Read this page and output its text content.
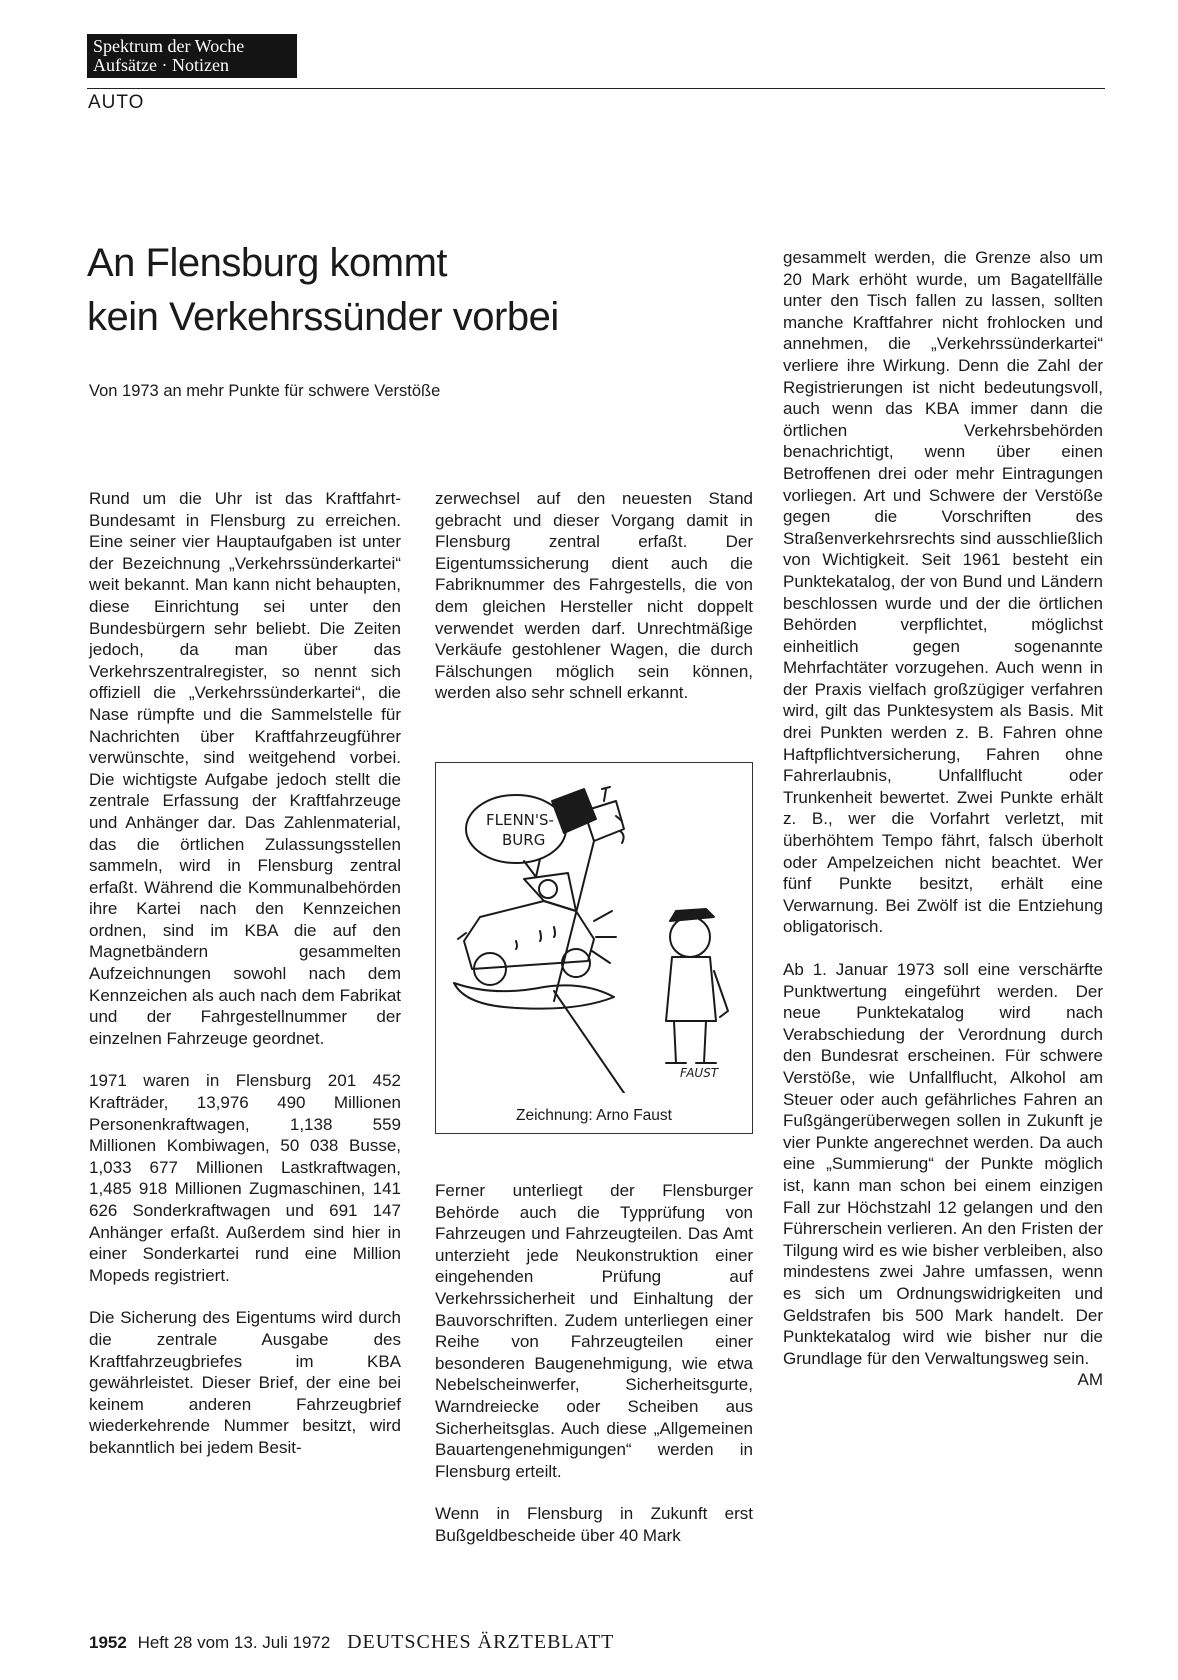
Spektrum der Woche
Aufsätze · Notizen
AUTO
An Flensburg kommt
kein Verkehrssünder vorbei
Von 1973 an mehr Punkte für schwere Verstöße

Rund um die Uhr ist das Kraftfahrt-Bundesamt in Flensburg zu erreichen. Eine seiner vier Hauptaufgaben ist unter der Bezeichnung „Verkehrssünderkartei“ weit bekannt. Man kann nicht behaupten, diese Einrichtung sei unter den Bundesbürgern sehr beliebt. Die Zeiten jedoch, da man über das Verkehrszentralregister, so nennt sich offiziell die „Verkehrssünderkartei“, die Nase rümpfte und die Sammelstelle für Nachrichten über Kraftfahrzeugführer verwünschte, sind weitgehend vorbei. Die wichtigste Aufgabe jedoch stellt die zentrale Erfassung der Kraftfahrzeuge und Anhänger dar. Das Zahlenmaterial, das die örtlichen Zulassungsstellen sammeln, wird in Flensburg zentral erfaßt. Während die Kommunalbehörden ihre Kartei nach den Kennzeichen ordnen, sind im KBA die auf den Magnetbändern gesammelten Aufzeichnungen sowohl nach dem Kennzeichen als auch nach dem Fabrikat und der Fahrgestellnummer der einzelnen Fahrzeuge geordnet.

1971 waren in Flensburg 201 452 Krafträder, 13,976 490 Millionen Personenkraftwagen, 1,138 559 Millionen Kombiwagen, 50 038 Busse, 1,033 677 Millionen Lastkraftwagen, 1,485 918 Millionen Zugmaschinen, 141 626 Sonderkraftwagen und 691 147 Anhänger erfaßt. Außerdem sind hier in einer Sonderkartei rund eine Million Mopeds registriert.

Die Sicherung des Eigentums wird durch die zentrale Ausgabe des Kraftfahrzeugbriefes im KBA gewährleistet. Dieser Brief, der eine bei keinem anderen Fahrzeugbrief wiederkehrende Nummer besitzt, wird bekanntlich bei jedem Besit-

zerwechsel auf den neuesten Stand gebracht und dieser Vorgang damit in Flensburg zentral erfaßt. Der Eigentumssicherung dient auch die Fabriknummer des Fahrgestells, die von dem gleichen Hersteller nicht doppelt verwendet werden darf. Unrechtmäßige Verkäufe gestohlener Wagen, die durch Fälschungen möglich sein können, werden also sehr schnell erkannt.

FLENN'S-
BURG
FAUST
Zeichnung: Arno Faust

Ferner unterliegt der Flensburger Behörde auch die Typprüfung von Fahrzeugen und Fahrzeugteilen. Das Amt unterzieht jede Neukonstruktion einer eingehenden Prüfung auf Verkehrssicherheit und Einhaltung der Bauvorschriften. Zudem unterliegen einer Reihe von Fahrzeugteilen einer besonderen Baugenehmigung, wie etwa Nebelscheinwerfer, Sicherheitsgurte, Warndreiecke oder Scheiben aus Sicherheitsglas. Auch diese „Allgemeinen Bauartengenehmigungen“ werden in Flensburg erteilt.

Wenn in Flensburg in Zukunft erst Bußgeldbescheide über 40 Mark

gesammelt werden, die Grenze also um 20 Mark erhöht wurde, um Bagatellfälle unter den Tisch fallen zu lassen, sollten manche Kraftfahrer nicht frohlocken und annehmen, die „Verkehrssünderkartei“ verliere ihre Wirkung. Denn die Zahl der Registrierungen ist nicht bedeutungsvoll, auch wenn das KBA immer dann die örtlichen Verkehrsbehörden benachrichtigt, wenn über einen Betroffenen drei oder mehr Eintragungen vorliegen. Art und Schwere der Verstöße gegen die Vorschriften des Straßenverkehrsrechts sind ausschließlich von Wichtigkeit. Seit 1961 besteht ein Punktekatalog, der von Bund und Ländern beschlossen wurde und der die örtlichen Behörden verpflichtet, möglichst einheitlich gegen sogenannte Mehrfachtäter vorzugehen. Auch wenn in der Praxis vielfach großzügiger verfahren wird, gilt das Punktesystem als Basis. Mit drei Punkten werden z. B. Fahren ohne Haftpflichtversicherung, Fahren ohne Fahrerlaubnis, Unfallflucht oder Trunkenheit bewertet. Zwei Punkte erhält z. B., wer die Vorfahrt verletzt, mit überhöhtem Tempo fährt, falsch überholt oder Ampelzeichen nicht beachtet. Wer fünf Punkte besitzt, erhält eine Verwarnung. Bei Zwölf ist die Entziehung obligatorisch.

Ab 1. Januar 1973 soll eine verschärfte Punktwertung eingeführt werden. Der neue Punktekatalog wird nach Verabschiedung der Verordnung durch den Bundesrat erscheinen. Für schwere Verstöße, wie Unfallflucht, Alkohol am Steuer oder auch gefährliches Fahren an Fußgängerüberwegen sollen in Zukunft je vier Punkte angerechnet werden. Da auch eine „Summierung“ der Punkte möglich ist, kann man schon bei einem einzigen Fall zur Höchstzahl 12 gelangen und den Führerschein verlieren. An den Fristen der Tilgung wird es wie bisher verbleiben, also mindestens zwei Jahre umfassen, wenn es sich um Ordnungswidrigkeiten und Geldstrafen bis 500 Mark handelt. Der Punktekatalog wird wie bisher nur die Grundlage für den Verwaltungsweg sein.

AM
1952 Heft 28 vom 13. Juli 1972 DEUTSCHES ÄRZTEBLATT
